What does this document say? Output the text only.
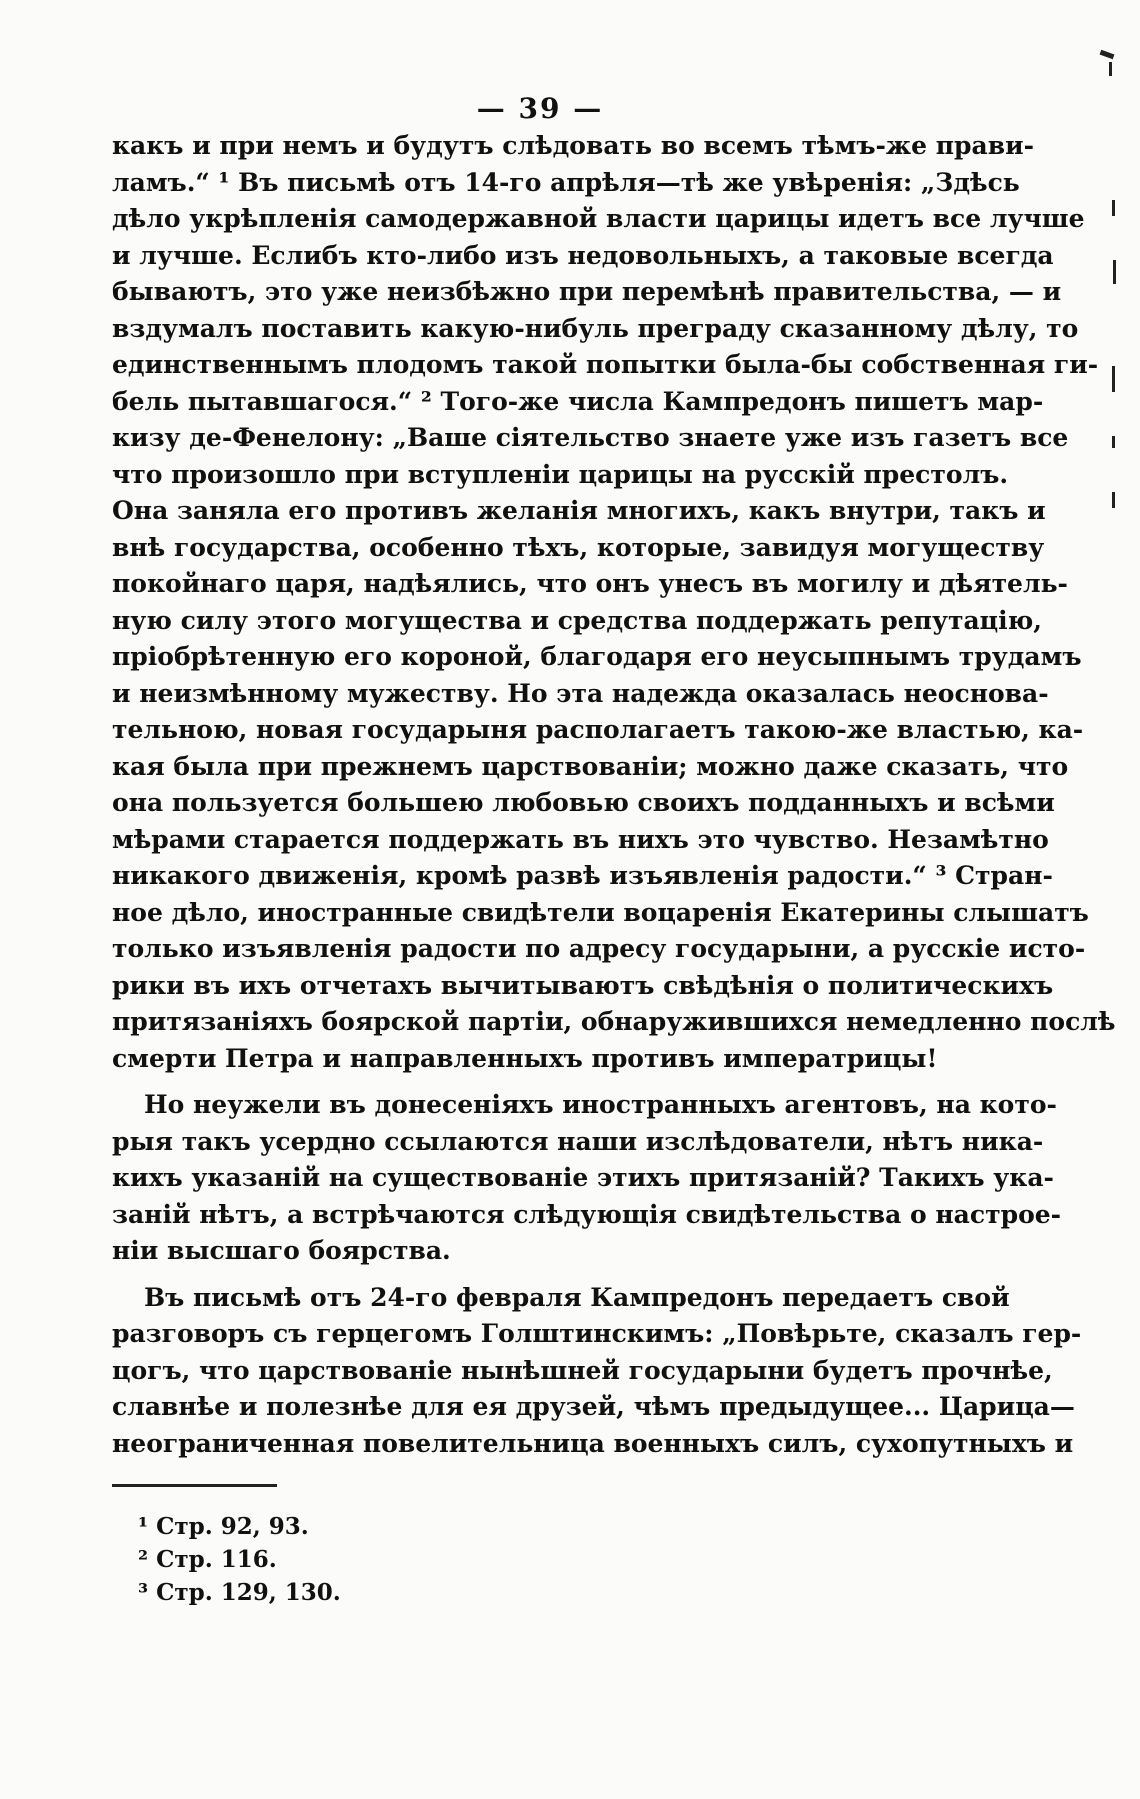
— 39 —
какъ и при немъ и будутъ слѣдовать во всемъ тѣмъ-же прави-
ламъ.“ ¹ Въ письмѣ отъ 14-го апрѣля—тѣ же увѣренія: „Здѣсь
дѣло укрѣпленія самодержавной власти царицы идетъ все лучше
и лучше. Еслибъ кто-либо изъ недовольныхъ, а таковые всегда
бываютъ, это уже неизбѣжно при перемѣнѣ правительства, — и
вздумалъ поставить какую-нибуль преграду сказанному дѣлу, то
единственнымъ плодомъ такой попытки была-бы собственная ги-
бель пытавшагося.“ ² Того-же числа Кампредонъ пишетъ мар-
кизу де-Фенелону: „Ваше сіятельство знаете уже изъ газетъ все
что произошло при вступленіи царицы на русскій престолъ.
Она заняла его противъ желанія многихъ, какъ внутри, такъ и
внѣ государства, особенно тѣхъ, которые, завидуя могуществу
покойнаго царя, надѣялись, что онъ унесъ въ могилу и дѣятель-
ную силу этого могущества и средства поддержать репутацію,
пріобрѣтенную его короной, благодаря его неусыпнымъ трудамъ
и неизмѣнному мужеству. Но эта надежда оказалась неоснова-
тельною, новая государыня располагаетъ такою-же властью, ка-
кая была при прежнемъ царствованіи; можно даже сказать, что
она пользуется большею любовью своихъ подданныхъ и всѣми
мѣрами старается поддержать въ нихъ это чувство. Незамѣтно
никакого движенія, кромѣ развѣ изъявленія радости.“ ³ Стран-
ное дѣло, иностранные свидѣтели воцаренія Екатерины слышатъ
только изъявленія радости по адресу государыни, а русскіе исто-
рики въ ихъ отчетахъ вычитываютъ свѣдѣнія о политическихъ
притязаніяхъ боярской партіи, обнаружившихся немедленно послѣ
смерти Петра и направленныхъ противъ императрицы!
Но неужели въ донесеніяхъ иностранныхъ агентовъ, на кото-
рыя такъ усердно ссылаются наши изслѣдователи, нѣтъ никa-
кихъ указаній на существованіе этихъ притязаній? Такихъ ука-
заній нѣтъ, а встрѣчаются слѣдующія свидѣтельства о настрое-
ніи высшаго боярства.
Въ письмѣ отъ 24-го февраля Кампредонъ передаетъ свой
разговоръ съ герцегомъ Голштинскимъ: „Повѣрьте, сказалъ гер-
цогъ, что царствованіе нынѣшней государыни будетъ прочнѣе,
славнѣе и полезнѣе для ея друзей, чѣмъ предыдущее... Царица—
неограниченная повелительница военныхъ силъ, сухопутныхъ и
¹ Стр. 92, 93.
² Стр. 116.
³ Стр. 129, 130.
